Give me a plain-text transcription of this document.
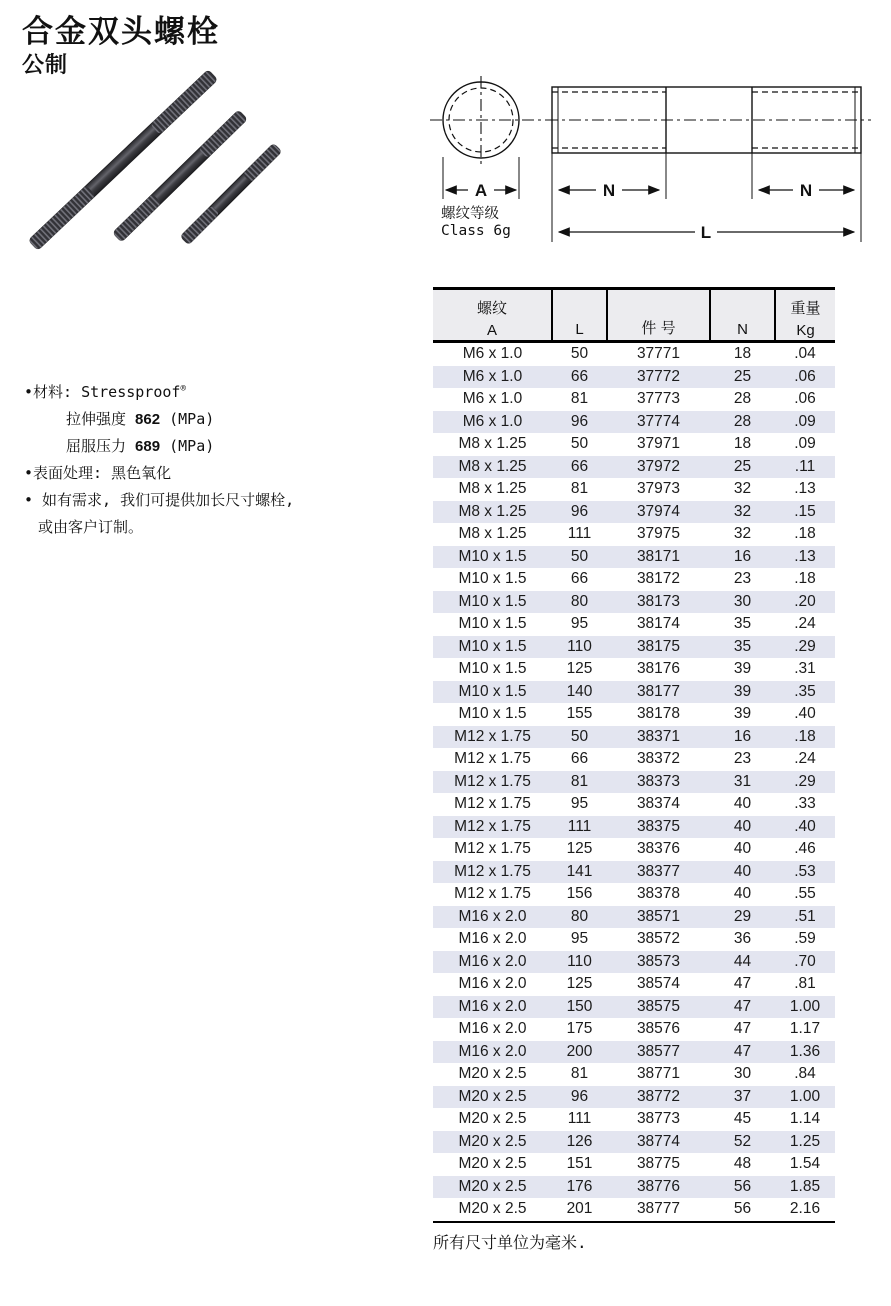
合金双头螺栓
公制
A
螺纹等级
Class 6g
N	N
L
•材料: Stressproof®
拉伸强度 862 (MPa)
屈服压力 689 (MPa)
•表面处理: 黑色氧化
• 如有需求, 我们可提供加长尺寸螺栓,
或由客户订制。
螺纹
A	L	件 号	N	重量
Kg

M6 x 1.0	50	37771	18	.04
M6 x 1.0	66	37772	25	.06
M6 x 1.0	81	37773	28	.06
M6 x 1.0	96	37774	28	.09
M8 x 1.25	50	37971	18	.09
M8 x 1.25	66	37972	25	.11
M8 x 1.25	81	37973	32	.13
M8 x 1.25	96	37974	32	.15
M8 x 1.25	111	37975	32	.18
M10 x 1.5	50	38171	16	.13
M10 x 1.5	66	38172	23	.18
M10 x 1.5	80	38173	30	.20
M10 x 1.5	95	38174	35	.24
M10 x 1.5	110	38175	35	.29
M10 x 1.5	125	38176	39	.31
M10 x 1.5	140	38177	39	.35
M10 x 1.5	155	38178	39	.40
M12 x 1.75	50	38371	16	.18
M12 x 1.75	66	38372	23	.24
M12 x 1.75	81	38373	31	.29
M12 x 1.75	95	38374	40	.33
M12 x 1.75	111	38375	40	.40
M12 x 1.75	125	38376	40	.46
M12 x 1.75	141	38377	40	.53
M12 x 1.75	156	38378	40	.55
M16 x 2.0	80	38571	29	.51
M16 x 2.0	95	38572	36	.59
M16 x 2.0	110	38573	44	.70
M16 x 2.0	125	38574	47	.81
M16 x 2.0	150	38575	47	1.00
M16 x 2.0	175	38576	47	1.17
M16 x 2.0	200	38577	47	1.36
M20 x 2.5	81	38771	30	.84
M20 x 2.5	96	38772	37	1.00
M20 x 2.5	111	38773	45	1.14
M20 x 2.5	126	38774	52	1.25
M20 x 2.5	151	38775	48	1.54
M20 x 2.5	176	38776	56	1.85
M20 x 2.5	201	38777	56	2.16
所有尺寸单位为毫米.
